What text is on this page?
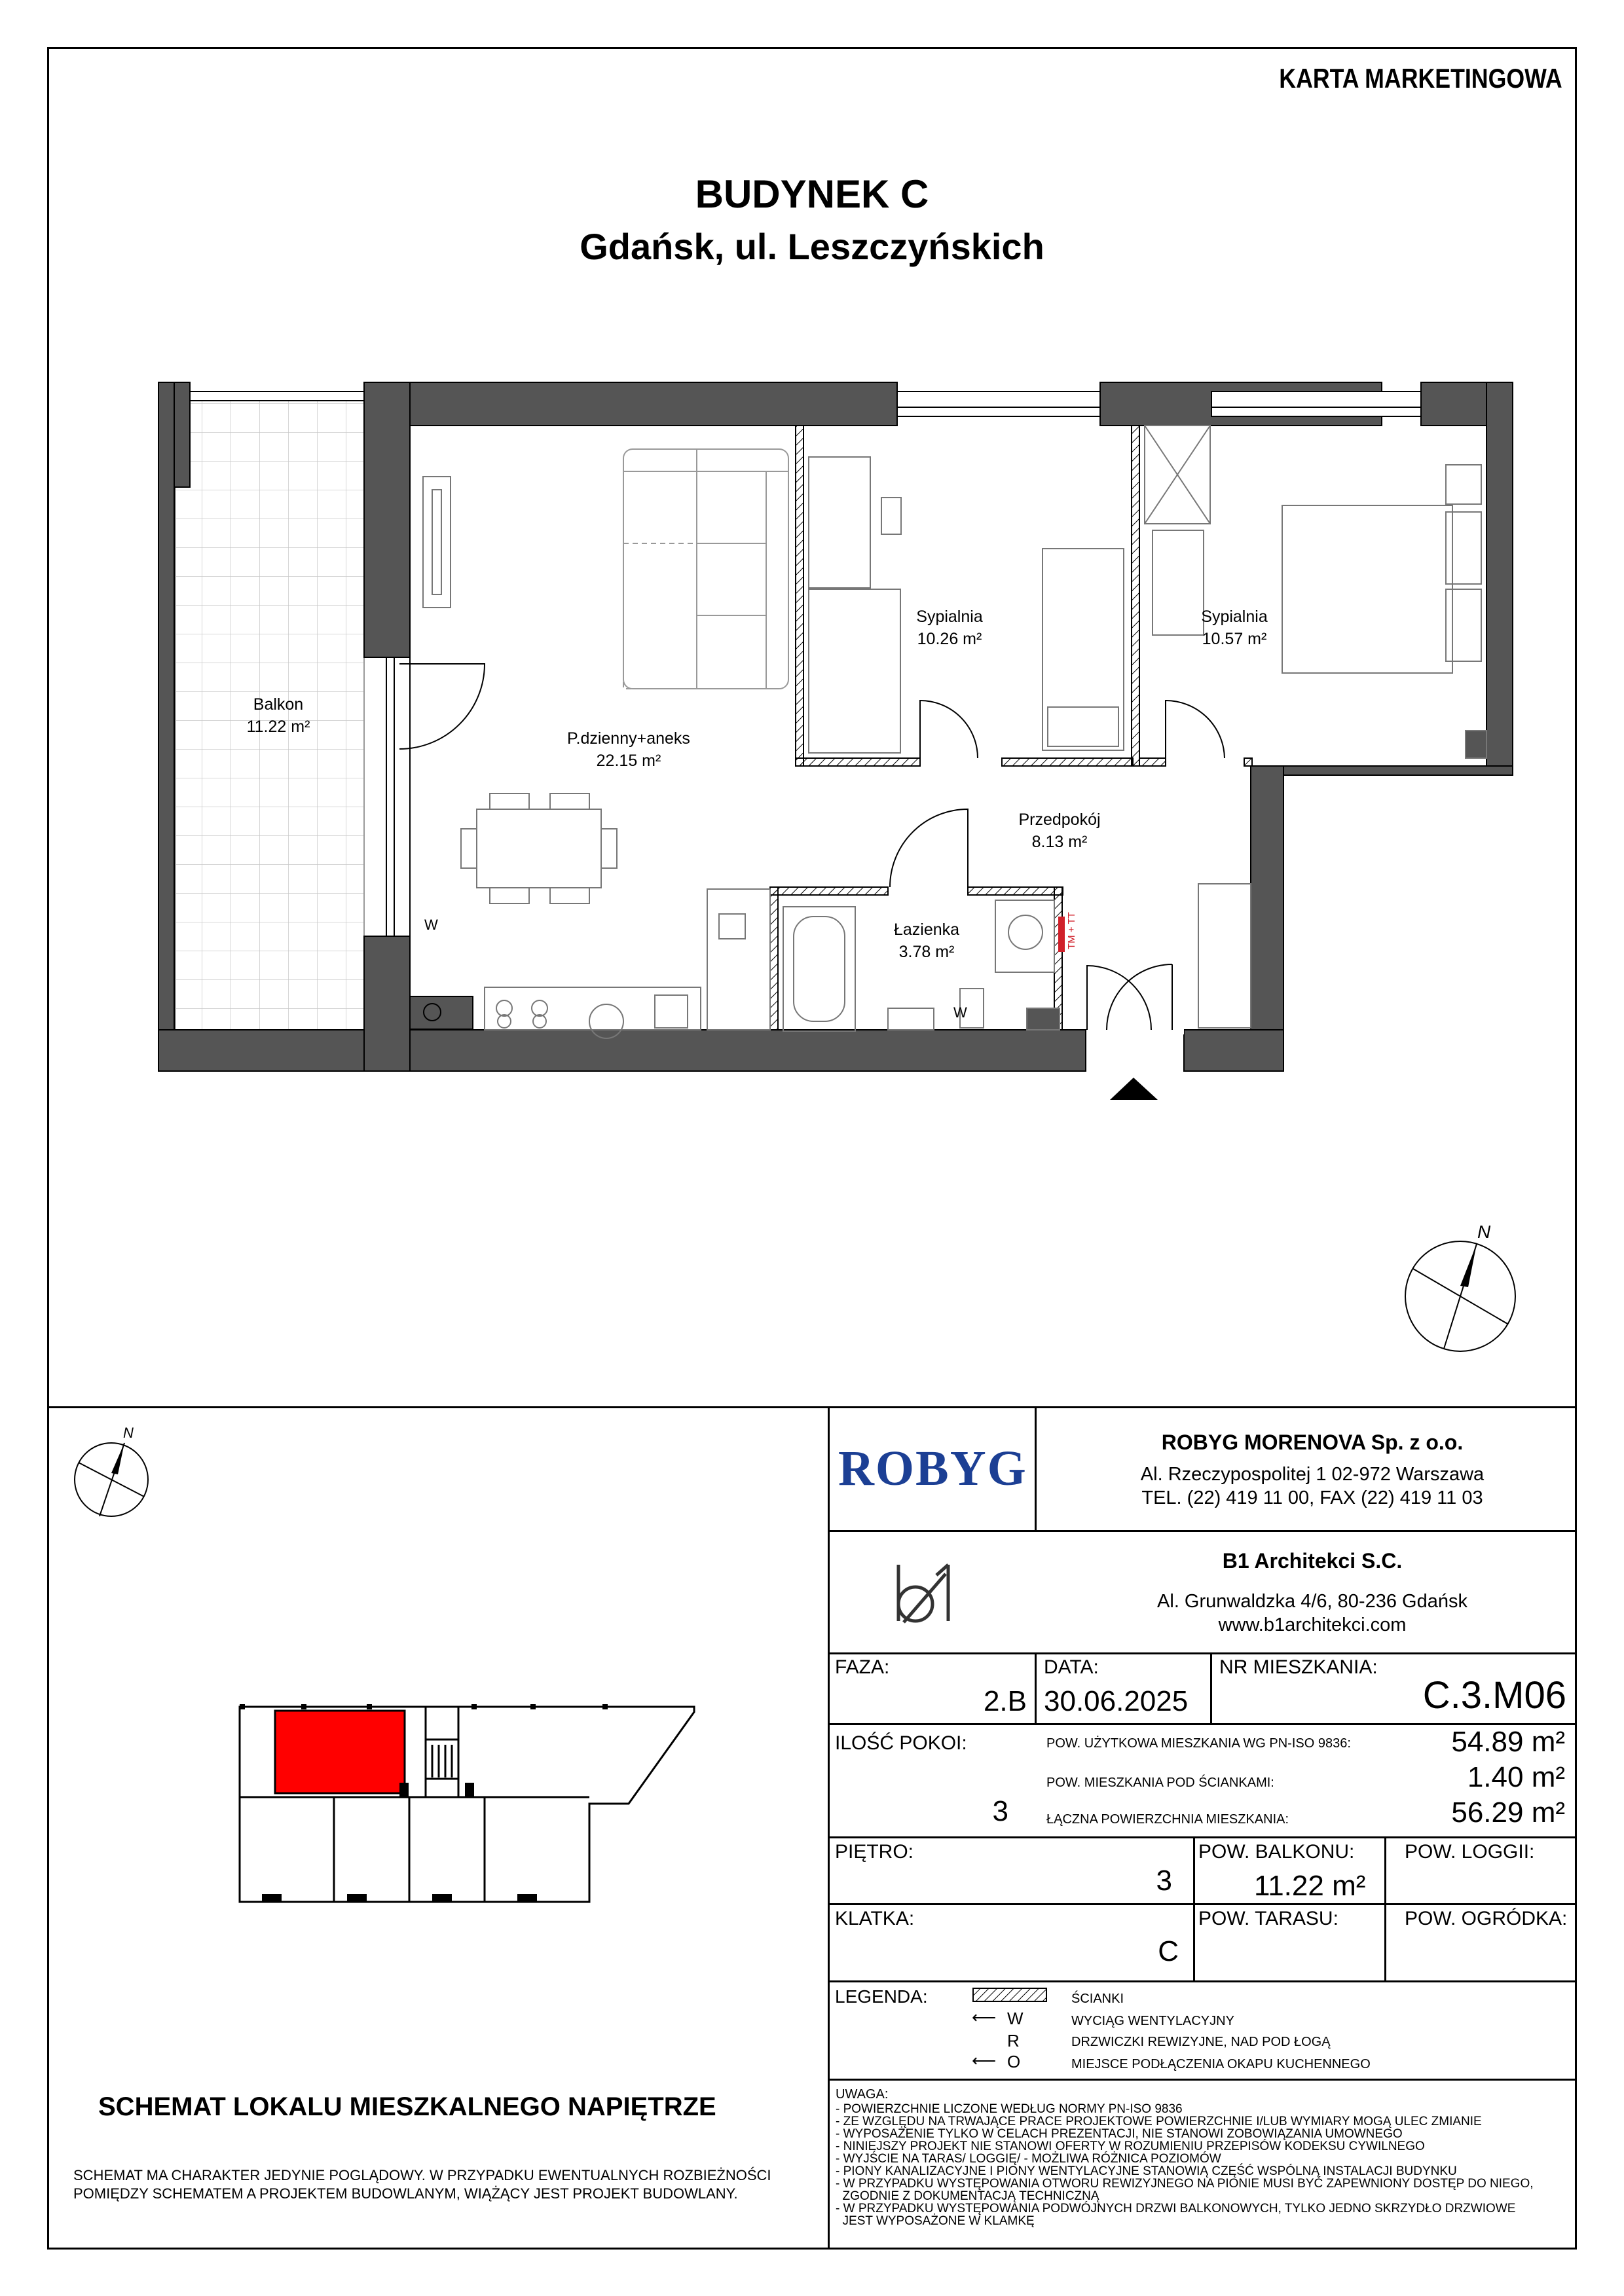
KARTA MARKETINGOWA
BUDYNEK C
Gdańsk, ul. Leszczyńskich
Balkon
11.22 m²
P.dzienny+aneks
22.15 m²
Sypialnia
10.26 m²
Sypialnia
10.57 m²
Przedpokój
8.13 m²
Łazienka
3.78 m²
W
W
TM + TT
N
ROBYG	ROBYG MORENOVA Sp. z o.o.
Al. Rzeczypospolitej 1 02-972 Warszawa
TEL. (22) 419 11 00, FAX (22) 419 11 03
B1 Architekci S.C.
Al. Grunwaldzka 4/6, 80-236 Gdańsk
www.b1architekci.com
FAZA:
2.B
DATA:
30.06.2025
NR MIESZKANIA:
C.3.M06
ILOŚĆ POKOI:
3
POW. UŻYTKOWA MIESZKANIA WG PN-ISO 9836:	54.89 m²
POW. MIESZKANIA POD ŚCIANKAMI:	1.40 m²
ŁĄCZNA POWIERZCHNIA MIESZKANIA:	56.29 m²
PIĘTRO:
3
POW. BALKONU:
11.22 m²
POW. LOGGII:
KLATKA:
C
POW. TARASU:	POW. OGRÓDKA:
LEGENDA:	ŚCIANKI
⟵ W	WYCIĄG WENTYLACYJNY
R	DRZWICZKI REWIZYJNE, NAD POD ŁOGĄ
⟵ O	MIEJSCE PODŁĄCZENIA OKAPU KUCHENNEGO
UWAGA:
- POWIERZCHNIE LICZONE WEDŁUG NORMY PN-ISO 9836
- ZE WZGLĘDU NA TRWAJĄCE PRACE PROJEKTOWE POWIERZCHNIE I/LUB WYMIARY MOGĄ ULEC ZMIANIE
- WYPOSAŻENIE TYLKO W CELACH PREZENTACJI, NIE STANOWI ZOBOWIĄZANIA UMOWNEGO
- NINIEJSZY PROJEKT NIE STANOWI OFERTY W ROZUMIENIU PRZEPISÓW KODEKSU CYWILNEGO
- WYJŚCIE NA TARAS/ LOGGIĘ/ - MOŻLIWA RÓŻNICA POZIOMÓW
- PIONY KANALIZACYJNE I PIONY WENTYLACYJNE STANOWIĄ CZĘŚĆ WSPÓLNĄ INSTALACJI BUDYNKU
- W PRZYPADKU WYSTĘPOWANIA OTWORU REWIZYJNEGO NA PIONIE MUSI BYĆ ZAPEWNIONY DOSTĘP DO NIEGO,
ZGODNIE Z DOKUMENTACJĄ TECHNICZNĄ
- W PRZYPADKU WYSTĘPOWANIA PODWÓJNYCH DRZWI BALKONOWYCH, TYLKO JEDNO SKRZYDŁO DRZWIOWE
JEST WYPOSAŻONE W KLAMKĘ
N
SCHEMAT LOKALU MIESZKALNEGO NAPIĘTRZE
SCHEMAT MA CHARAKTER JEDYNIE POGLĄDOWY. W PRZYPADKU EWENTUALNYCH ROZBIEŻNOŚCI
POMIĘDZY SCHEMATEM A PROJEKTEM BUDOWLANYM, WIĄŻĄCY JEST PROJEKT BUDOWLANY.
